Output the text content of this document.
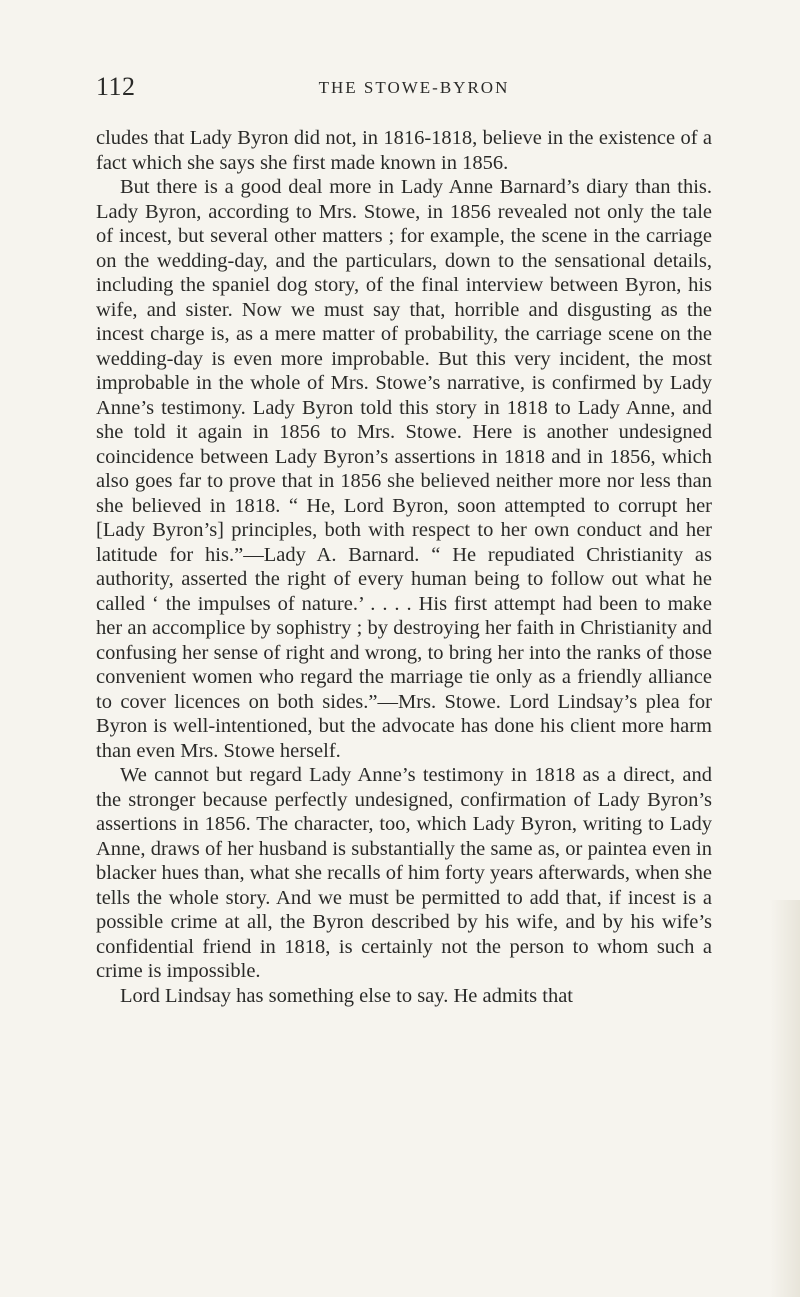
112	THE STOWE-BYRON

cludes that Lady Byron did not, in 1816-1818, believe in the existence of a fact which she says she first made known in 1856.

But there is a good deal more in Lady Anne Barnard’s diary than this. Lady Byron, according to Mrs. Stowe, in 1856 revealed not only the tale of incest, but several other matters ; for example, the scene in the carriage on the wedding-day, and the particulars, down to the sensational details, including the spaniel dog story, of the final interview between Byron, his wife, and sister. Now we must say that, horrible and disgusting as the incest charge is, as a mere matter of probability, the carriage scene on the wedding-day is even more improbable. But this very incident, the most improbable in the whole of Mrs. Stowe’s narrative, is confirmed by Lady Anne’s testimony. Lady Byron told this story in 1818 to Lady Anne, and she told it again in 1856 to Mrs. Stowe. Here is another undesigned coincidence between Lady Byron’s assertions in 1818 and in 1856, which also goes far to prove that in 1856 she believed neither more nor less than she believed in 1818. “ He, Lord Byron, soon attempted to corrupt her [Lady Byron’s] principles, both with respect to her own conduct and her latitude for his.”—Lady A. Barnard. “ He repudiated Christianity as authority, asserted the right of every human being to follow out what he called ‘ the impulses of nature.’ . . . . His first attempt had been to make her an accomplice by sophistry ; by destroying her faith in Christianity and confusing her sense of right and wrong, to bring her into the ranks of those convenient women who regard the marriage tie only as a friendly alliance to cover licences on both sides.”—Mrs. Stowe. Lord Lindsay’s plea for Byron is well-intentioned, but the advocate has done his client more harm than even Mrs. Stowe herself.

We cannot but regard Lady Anne’s testimony in 1818 as a direct, and the stronger because perfectly undesigned, confirmation of Lady Byron’s assertions in 1856. The character, too, which Lady Byron, writing to Lady Anne, draws of her husband is substantially the same as, or paintea even in blacker hues than, what she recalls of him forty years afterwards, when she tells the whole story. And we must be permitted to add that, if incest is a possible crime at all, the Byron described by his wife, and by his wife’s confidential friend in 1818, is certainly not the person to whom such a crime is impossible.

Lord Lindsay has something else to say. He admits that
